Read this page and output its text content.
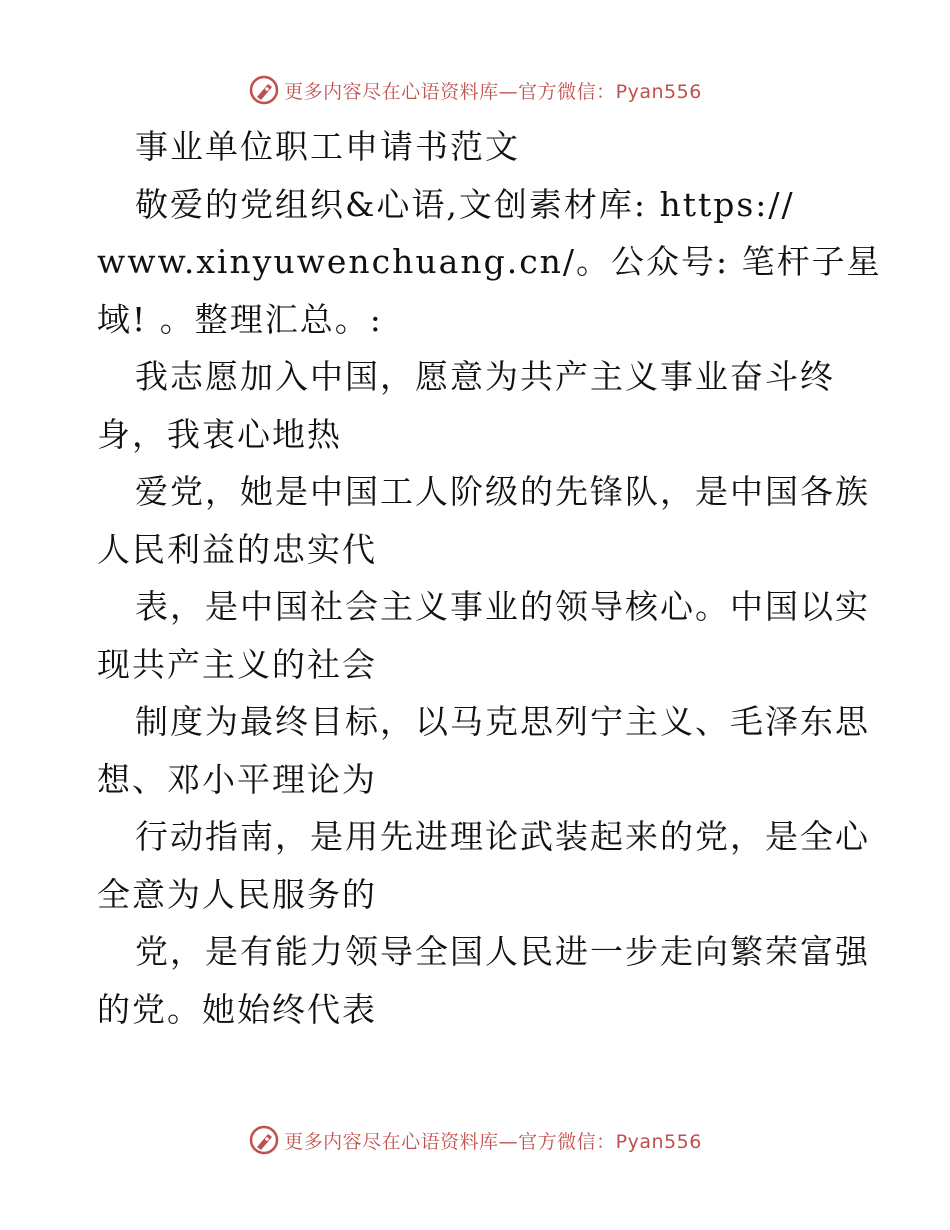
更多内容尽在心语资料库—官方微信：Pyan556
事业单位职工申请书范文
敬爱的党组织&心语,文创素材库: https://
www.xinyuwenchuang.cn/。公众号: 笔杆子星
域! 。整理汇总。:
我志愿加入中国，愿意为共产主义事业奋斗终
身，我衷心地热
爱党，她是中国工人阶级的先锋队，是中国各族
人民利益的忠实代
表，是中国社会主义事业的领导核心。中国以实
现共产主义的社会
制度为最终目标，以马克思列宁主义、毛泽东思
想、邓小平理论为
行动指南，是用先进理论武装起来的党，是全心
全意为人民服务的
党，是有能力领导全国人民进一步走向繁荣富强
的党。她始终代表
更多内容尽在心语资料库—官方微信：Pyan556
